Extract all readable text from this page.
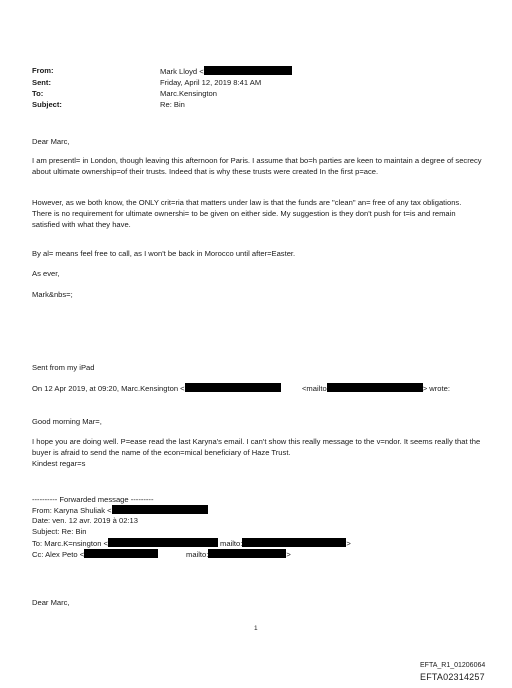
From:	Mark Lloyd <
Sent:	Friday, April 12, 2019 8:41 AM
To:	Marc.Kensington
Subject:	Re: Bin
Dear Marc,
I am presentl= in London, though leaving this afternoon for Paris. I assume that bo=h parties are keen to maintain a degree of secrecy about ultimate ownership=of their trusts. Indeed that is why these trusts were created In the first p=ace.
However, as we both know, the ONLY crit=ria that matters under law is that the funds are "clean" an= free of any tax obligations. There is no requirement for ultimate ownershi= to be given on either side. My suggestion is they don't push for t=is and remain satisfied with what they have.
By al= means feel free to call, as I won't be back in Morocco until after=Easter.
As ever,
Mark&nbs=;
Sent from my iPad
On 12 Apr 2019, at 09:20, Marc.Kensington <	<mailto	> wrote:
Good morning Mar=,
I hope you are doing well. P=ease read the last Karyna's email. I can't show this really message to the v=ndor. It seems really that the buyer is afraid to send the name of the econ=mical beneficiary of Haze Trust.
Kindest regar=s
---------- Forwarded message ---------
From: Karyna Shuliak <
Date: ven. 12 avr. 2019 à 02:13
Subject: Re: Bin
To: Marc.K=nsington <	mailto:	>
Cc: Alex Peto <	mailto:	>
Dear Marc,
1
EFTA_R1_01206064
EFTA02314257
